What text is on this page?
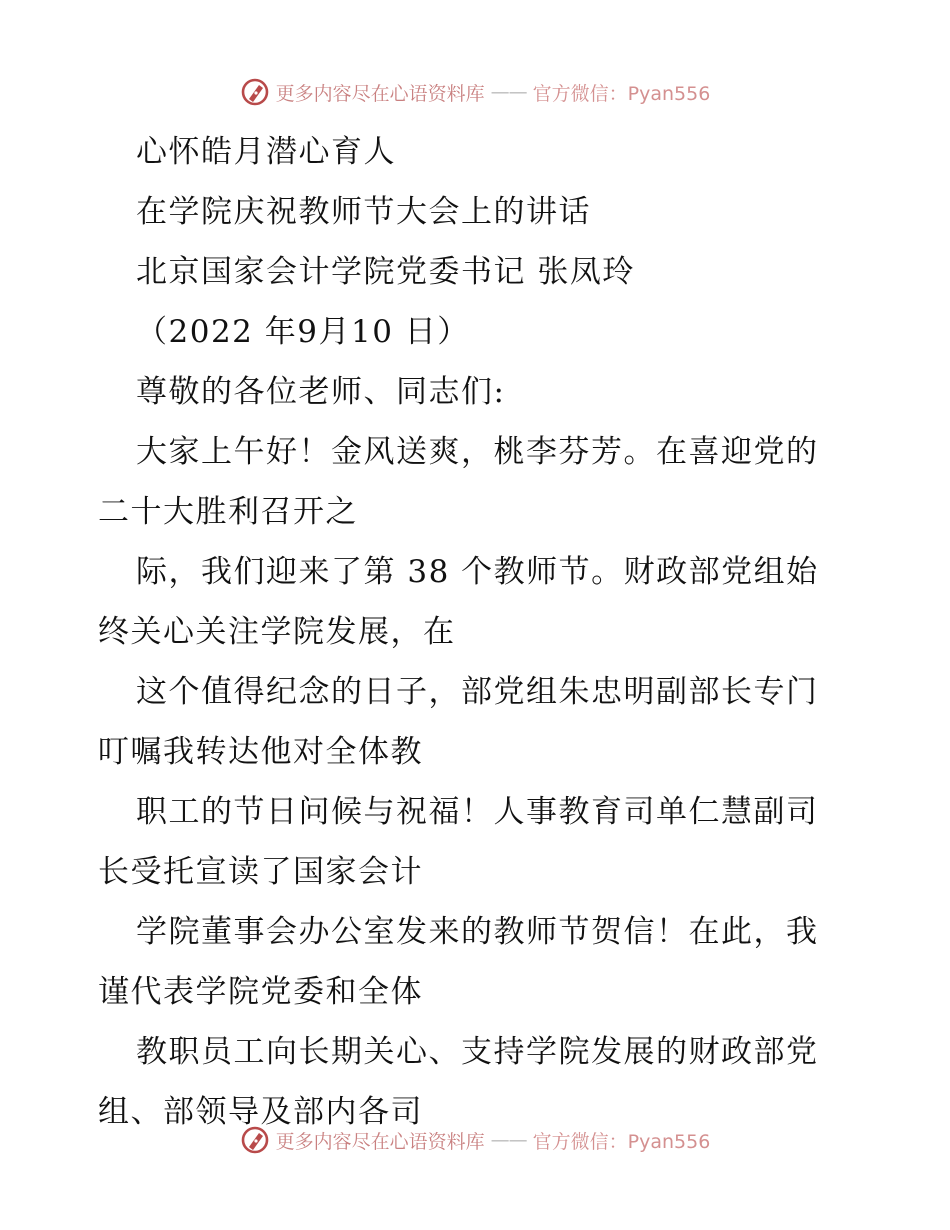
更多内容尽在心语资料库 —— 官方微信：Pyan556
心怀皓月潜心育人
在学院庆祝教师节大会上的讲话
北京国家会计学院党委书记 张凤玲
（2022 年9月10 日）
尊敬的各位老师、同志们:
大家上午好！金风送爽，桃李芬芳。在喜迎党的
二十大胜利召开之
际，我们迎来了第 38 个教师节。财政部党组始
终关心关注学院发展，在
这个值得纪念的日子，部党组朱忠明副部长专门
叮嘱我转达他对全体教
职工的节日问候与祝福！人事教育司单仁慧副司
长受托宣读了国家会计
学院董事会办公室发来的教师节贺信！在此，我
谨代表学院党委和全体
教职员工向长期关心、支持学院发展的财政部党
组、部领导及部内各司
更多内容尽在心语资料库 —— 官方微信：Pyan556
